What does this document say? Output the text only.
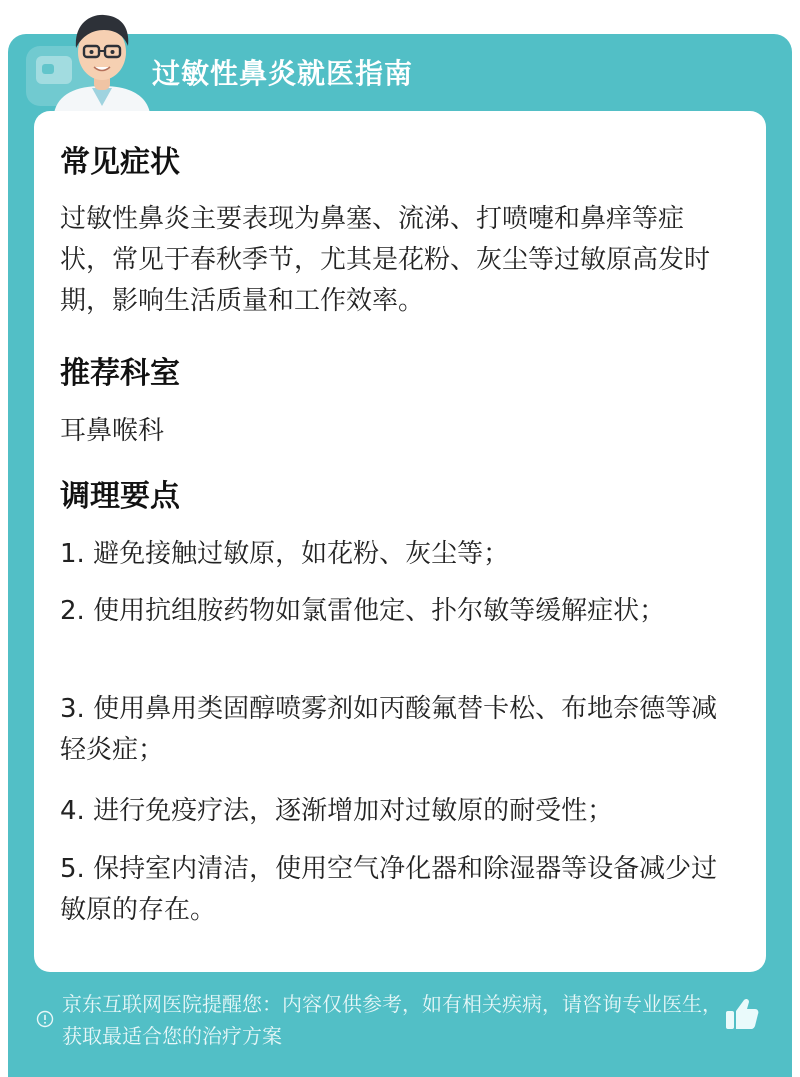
过敏性鼻炎就医指南
常见症状
过敏性鼻炎主要表现为鼻塞、流涕、打喷嚏和鼻痒等症状，常见于春秋季节，尤其是花粉、灰尘等过敏原高发时期，影响生活质量和工作效率。
推荐科室
耳鼻喉科
调理要点
1. 避免接触过敏原，如花粉、灰尘等；
2. 使用抗组胺药物如氯雷他定、扑尔敏等缓解症状；
3. 使用鼻用类固醇喷雾剂如丙酸氟替卡松、布地奈德等减轻炎症；
4. 进行免疫疗法，逐渐增加对过敏原的耐受性；
5. 保持室内清洁，使用空气净化器和除湿器等设备减少过敏原的存在。
京东互联网医院提醒您：内容仅供参考，如有相关疾病，请咨询专业医生，获取最适合您的治疗方案
